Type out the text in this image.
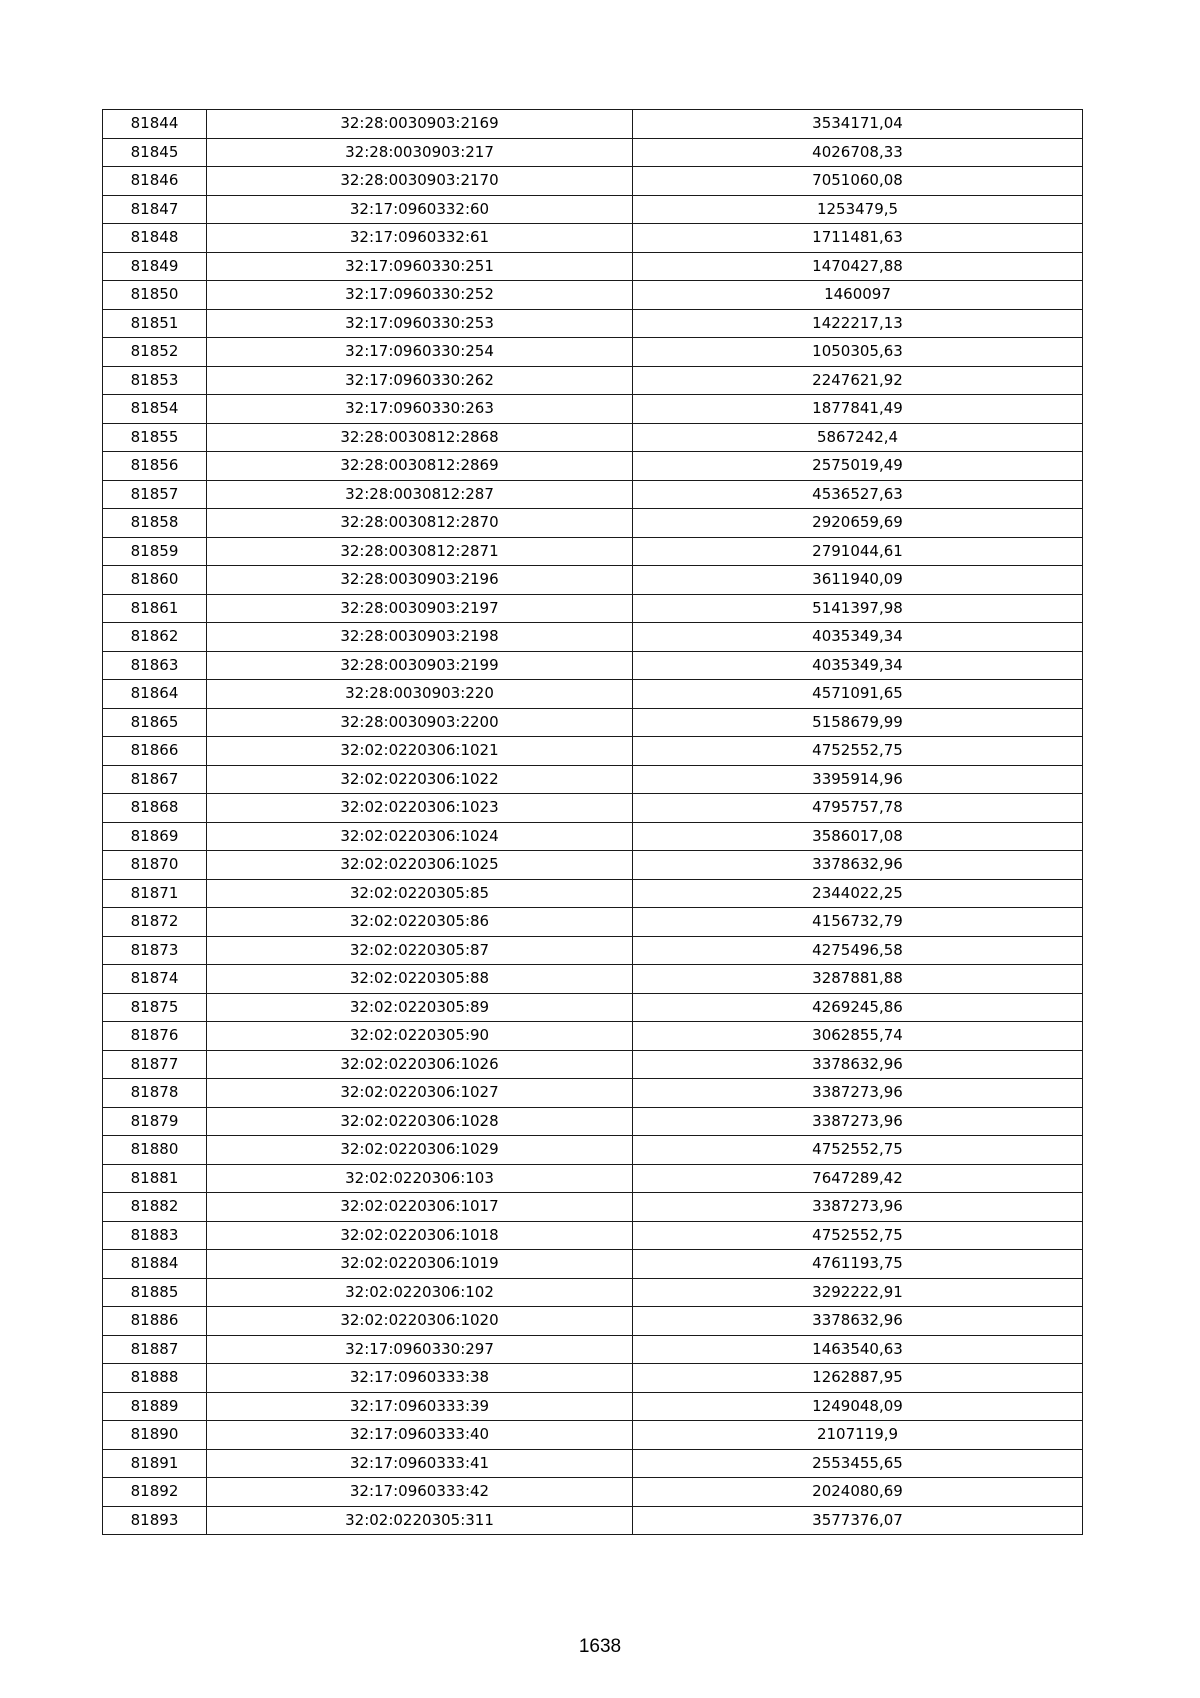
81844	32:28:0030903:2169	3534171,04
81845	32:28:0030903:217	4026708,33
81846	32:28:0030903:2170	7051060,08
81847	32:17:0960332:60	1253479,5
81848	32:17:0960332:61	1711481,63
81849	32:17:0960330:251	1470427,88
81850	32:17:0960330:252	1460097
81851	32:17:0960330:253	1422217,13
81852	32:17:0960330:254	1050305,63
81853	32:17:0960330:262	2247621,92
81854	32:17:0960330:263	1877841,49
81855	32:28:0030812:2868	5867242,4
81856	32:28:0030812:2869	2575019,49
81857	32:28:0030812:287	4536527,63
81858	32:28:0030812:2870	2920659,69
81859	32:28:0030812:2871	2791044,61
81860	32:28:0030903:2196	3611940,09
81861	32:28:0030903:2197	5141397,98
81862	32:28:0030903:2198	4035349,34
81863	32:28:0030903:2199	4035349,34
81864	32:28:0030903:220	4571091,65
81865	32:28:0030903:2200	5158679,99
81866	32:02:0220306:1021	4752552,75
81867	32:02:0220306:1022	3395914,96
81868	32:02:0220306:1023	4795757,78
81869	32:02:0220306:1024	3586017,08
81870	32:02:0220306:1025	3378632,96
81871	32:02:0220305:85	2344022,25
81872	32:02:0220305:86	4156732,79
81873	32:02:0220305:87	4275496,58
81874	32:02:0220305:88	3287881,88
81875	32:02:0220305:89	4269245,86
81876	32:02:0220305:90	3062855,74
81877	32:02:0220306:1026	3378632,96
81878	32:02:0220306:1027	3387273,96
81879	32:02:0220306:1028	3387273,96
81880	32:02:0220306:1029	4752552,75
81881	32:02:0220306:103	7647289,42
81882	32:02:0220306:1017	3387273,96
81883	32:02:0220306:1018	4752552,75
81884	32:02:0220306:1019	4761193,75
81885	32:02:0220306:102	3292222,91
81886	32:02:0220306:1020	3378632,96
81887	32:17:0960330:297	1463540,63
81888	32:17:0960333:38	1262887,95
81889	32:17:0960333:39	1249048,09
81890	32:17:0960333:40	2107119,9
81891	32:17:0960333:41	2553455,65
81892	32:17:0960333:42	2024080,69
81893	32:02:0220305:311	3577376,07
1638
